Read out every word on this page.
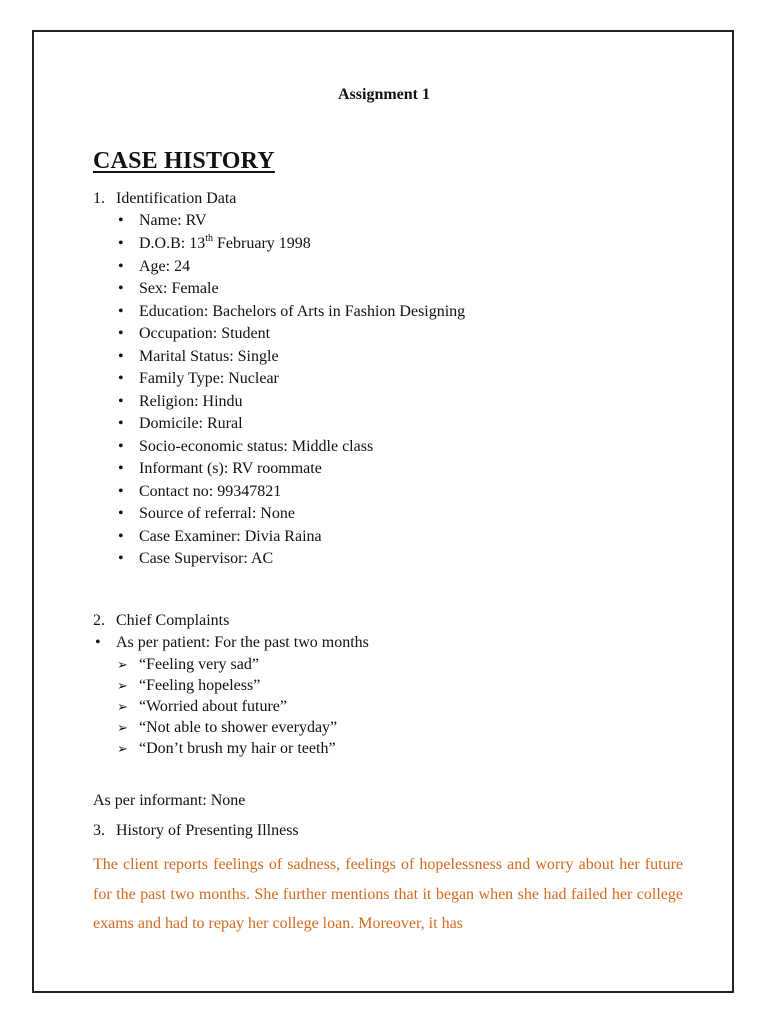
Assignment 1
CASE HISTORY
1. Identification Data
• Name: RV
• D.O.B: 13th February 1998
• Age: 24
• Sex: Female
• Education: Bachelors of Arts in Fashion Designing
• Occupation: Student
• Marital Status: Single
• Family Type: Nuclear
• Religion: Hindu
• Domicile: Rural
• Socio-economic status: Middle class
• Informant (s): RV roommate
• Contact no: 99347821
• Source of referral: None
• Case Examiner: Divia Raina
• Case Supervisor: AC
2. Chief Complaints
• As per patient: For the past two months
➢ “Feeling very sad”
➢ “Feeling hopeless”
➢ “Worried about future”
➢ “Not able to shower everyday”
➢ “Don’t brush my hair or teeth”
As per informant: None
3. History of Presenting Illness
The client reports feelings of sadness, feelings of hopelessness and worry about her future for the past two months. She further mentions that it began when she had failed her college exams and had to repay her college loan. Moreover, it has
